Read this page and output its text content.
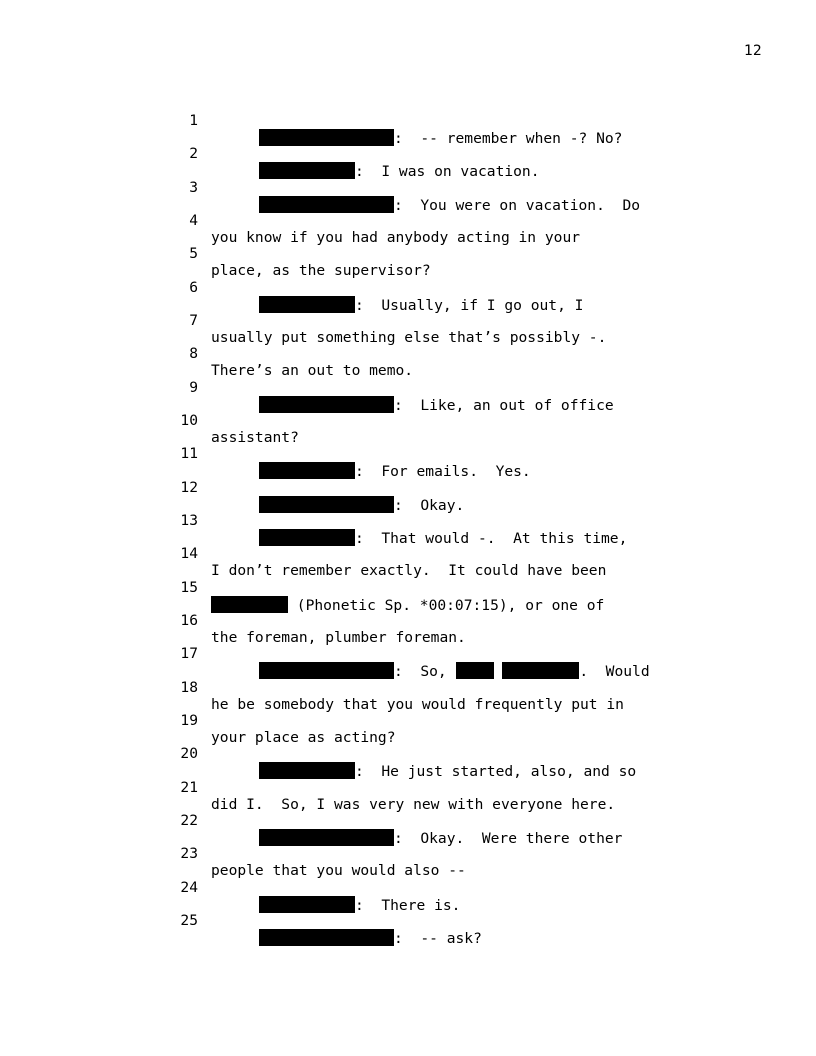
12

1

:  -- remember when -? No?

2

:  I was on vacation.

3

:  You were on vacation.  Do

4

you know if you had anybody acting in your

5

place, as the supervisor?

6

:  Usually, if I go out, I

7

usually put something else that’s possibly -.

8

There’s an out to memo.

9

:  Like, an out of office

10

assistant?

11

:  For emails.  Yes.

12

:  Okay.

13

:  That would -.  At this time,

14

I don’t remember exactly.  It could have been

15

(Phonetic Sp. *00:07:15), or one of

16

the foreman, plumber foreman.

17

:  So,	.  Would

18

he be somebody that you would frequently put in

19

your place as acting?

20

:  He just started, also, and so

21

did I.  So, I was very new with everyone here.

22

:  Okay.  Were there other

23

people that you would also --

24

:  There is.

25

:  -- ask?
